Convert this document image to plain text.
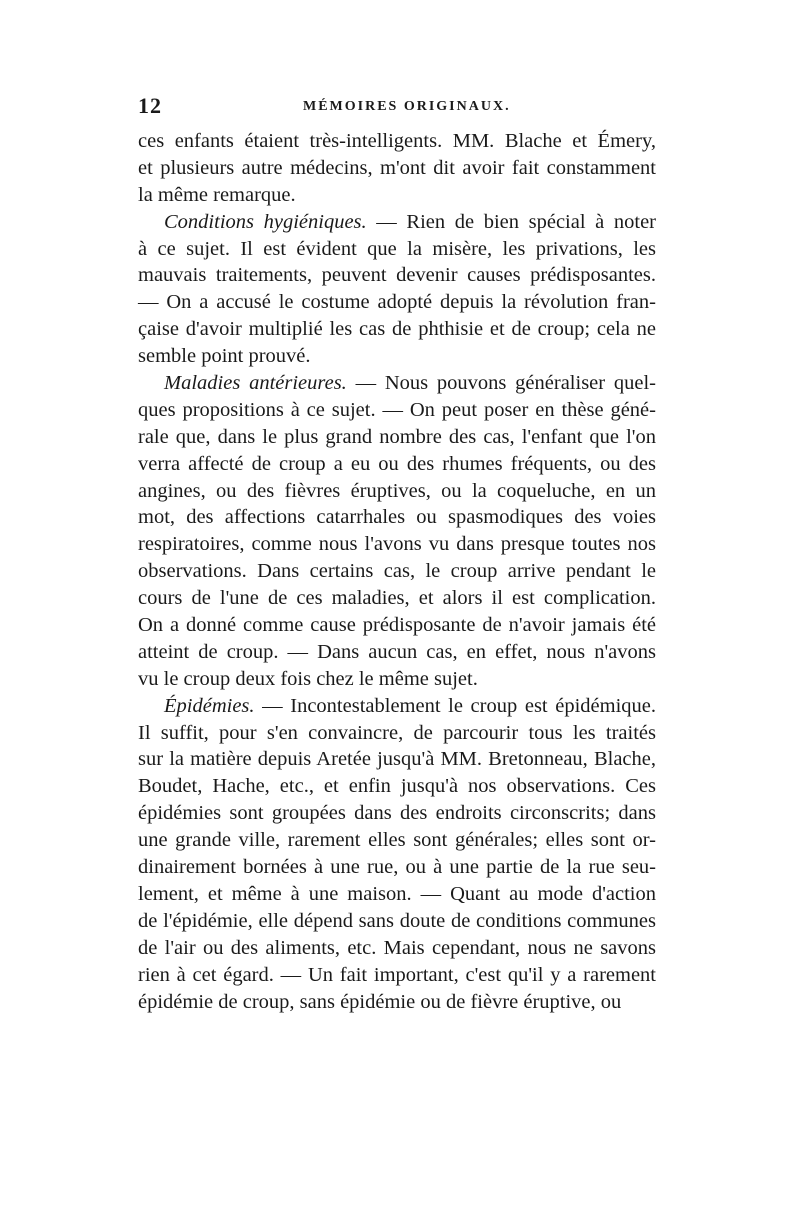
12	MÉMOIRES ORIGINAUX.
ces enfants étaient très-intelligents. MM. Blache et Émery,
et plusieurs autre médecins, m'ont dit avoir fait constamment
la même remarque.
Conditions hygiéniques. — Rien de bien spécial à noter
à ce sujet. Il est évident que la misère, les privations, les
mauvais traitements, peuvent devenir causes prédisposantes.
— On a accusé le costume adopté depuis la révolution fran-
çaise d'avoir multiplié les cas de phthisie et de croup; cela ne
semble point prouvé.
Maladies antérieures. — Nous pouvons généraliser quel-
ques propositions à ce sujet. — On peut poser en thèse géné-
rale que, dans le plus grand nombre des cas, l'enfant que l'on
verra affecté de croup a eu ou des rhumes fréquents, ou des
angines, ou des fièvres éruptives, ou la coqueluche, en un
mot, des affections catarrhales ou spasmodiques des voies
respiratoires, comme nous l'avons vu dans presque toutes nos
observations. Dans certains cas, le croup arrive pendant le
cours de l'une de ces maladies, et alors il est complication.
On a donné comme cause prédisposante de n'avoir jamais été
atteint de croup. — Dans aucun cas, en effet, nous n'avons
vu le croup deux fois chez le même sujet.
Épidémies. — Incontestablement le croup est épidémique.
Il suffit, pour s'en convaincre, de parcourir tous les traités
sur la matière depuis Aretée jusqu'à MM. Bretonneau, Blache,
Boudet, Hache, etc., et enfin jusqu'à nos observations. Ces
épidémies sont groupées dans des endroits circonscrits; dans
une grande ville, rarement elles sont générales; elles sont or-
dinairement bornées à une rue, ou à une partie de la rue seu-
lement, et même à une maison. — Quant au mode d'action
de l'épidémie, elle dépend sans doute de conditions communes
de l'air ou des aliments, etc. Mais cependant, nous ne savons
rien à cet égard. — Un fait important, c'est qu'il y a rarement
épidémie de croup, sans épidémie ou de fièvre éruptive, ou
